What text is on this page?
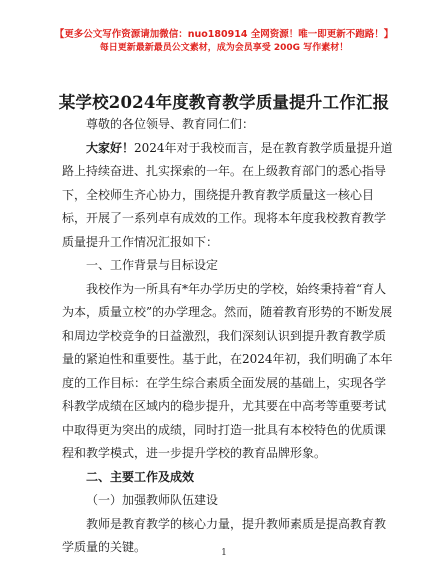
【更多公文写作资源请加微信：nuo180914 全网资源！唯一即更新不跑路！】
每日更新最新最员公文素材，成为会员享受 200G 写作素材！
某学校2024年度教育教学质量提升工作汇报

尊敬的各位领导、教育同仁们：

大家好！2024年对于我校而言，是在教育教学质量提升道路上持续奋进、扎实探索的一年。在上级教育部门的悉心指导下，全校师生齐心协力，围绕提升教育教学质量这一核心目标，开展了一系列卓有成效的工作。现将本年度我校教育教学质量提升工作情况汇报如下：

一、工作背景与目标设定

我校作为一所具有*年办学历史的学校，始终秉持着“育人为本，质量立校”的办学理念。然而，随着教育形势的不断发展和周边学校竞争的日益激烈，我们深刻认识到提升教育教学质量的紧迫性和重要性。基于此，在2024年初，我们明确了本年度的工作目标：在学生综合素质全面发展的基础上，实现各学科教学成绩在区域内的稳步提升，尤其要在中高考等重要考试中取得更为突出的成绩，同时打造一批具有本校特色的优质课程和教学模式，进一步提升学校的教育品牌形象。

二、主要工作及成效

（一）加强教师队伍建设

教师是教育教学的核心力量，提升教师素质是提高教育教学质量的关键。	1
